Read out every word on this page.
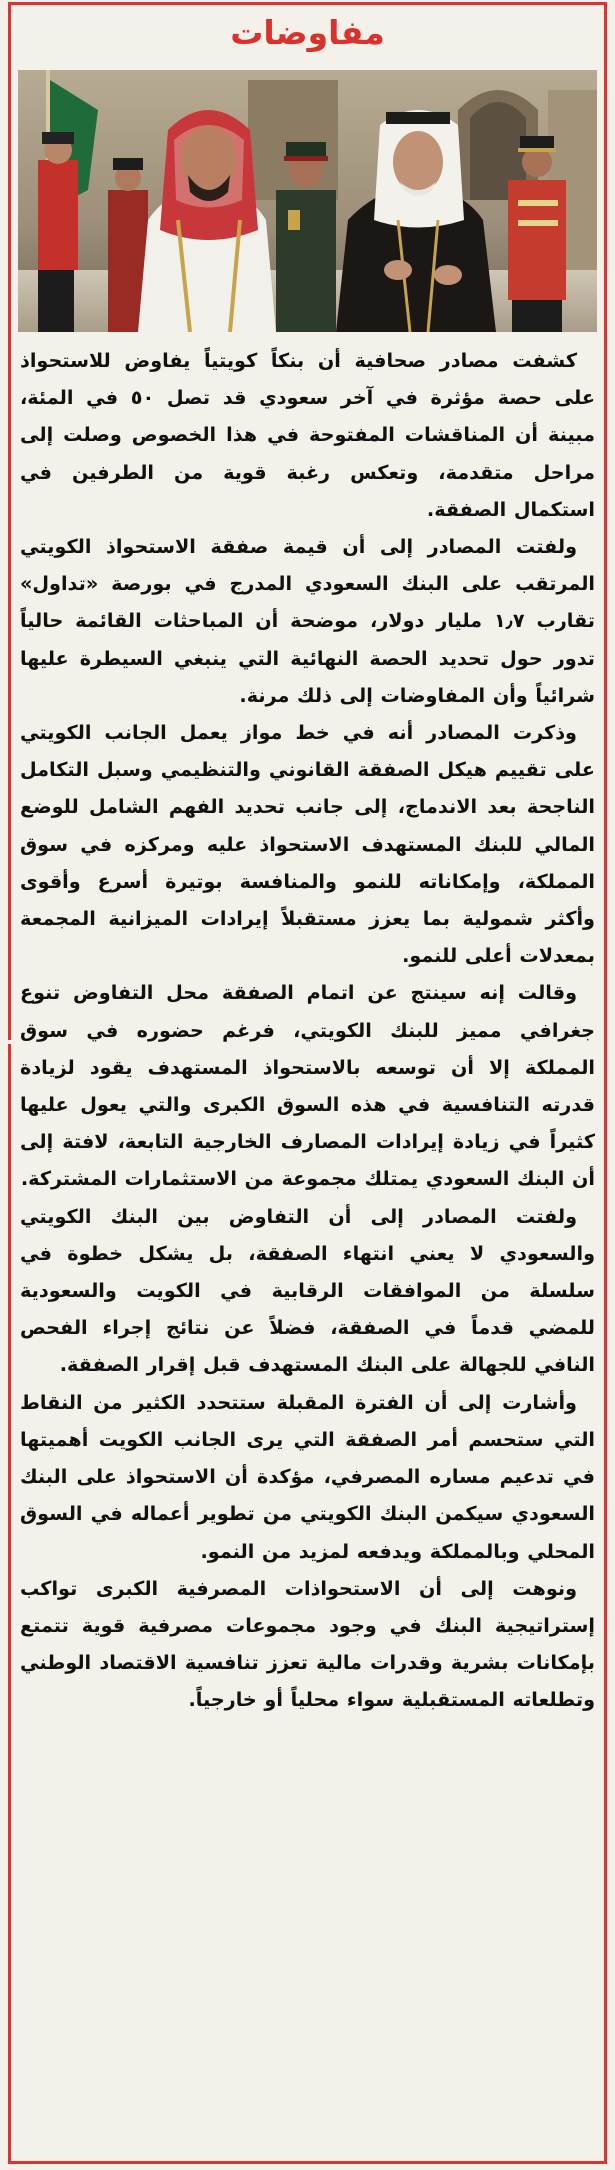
مفاوضات

كشفت مصادر صحافية أن بنكاً كويتياً يفاوض للاستحواذ على حصة مؤثرة في آخر سعودي قد تصل ٥٠ في المئة، مبينة أن المناقشات المفتوحة في هذا الخصوص وصلت إلى مراحل متقدمة، وتعكس رغبة قوية من الطرفين في استكمال الصفقة.

ولفتت المصادر إلى أن قيمة صفقة الاستحواذ الكويتي المرتقب على البنك السعودي المدرج في بورصة «تداول» تقارب ١٫٧ مليار دولار، موضحة أن المباحثات القائمة حالياً تدور حول تحديد الحصة النهائية التي ينبغي السيطرة عليها شرائياً وأن المفاوضات إلى ذلك مرنة.

وذكرت المصادر أنه في خط مواز يعمل الجانب الكويتي على تقييم هيكل الصفقة القانوني والتنظيمي وسبل التكامل الناجحة بعد الاندماج، إلى جانب تحديد الفهم الشامل للوضع المالي للبنك المستهدف الاستحواذ عليه ومركزه في سوق المملكة، وإمكاناته للنمو والمنافسة بوتيرة أسرع وأقوى وأكثر شمولية بما يعزز مستقبلاً إيرادات الميزانية المجمعة بمعدلات أعلى للنمو.

وقالت إنه سينتج عن اتمام الصفقة محل التفاوض تنوع جغرافي مميز للبنك الكويتي، فرغم حضوره في سوق المملكة إلا أن توسعه بالاستحواذ المستهدف يقود لزيادة قدرته التنافسية في هذه السوق الكبرى والتي يعول عليها كثيراً في زيادة إيرادات المصارف الخارجية التابعة، لافتة إلى أن البنك السعودي يمتلك مجموعة من الاستثمارات المشتركة.

ولفتت المصادر إلى أن التفاوض بين البنك الكويتي والسعودي لا يعني انتهاء الصفقة، بل يشكل خطوة في سلسلة من الموافقات الرقابية في الكويت والسعودية للمضي قدماً في الصفقة، فضلاً عن نتائج إجراء الفحص النافي للجهالة على البنك المستهدف قبل إقرار الصفقة.

وأشارت إلى أن الفترة المقبلة ستتحدد الكثير من النقاط التي ستحسم أمر الصفقة التي يرى الجانب الكويت أهميتها في تدعيم مساره المصرفي، مؤكدة أن الاستحواذ على البنك السعودي سيكمن البنك الكويتي من تطوير أعماله في السوق المحلي وبالمملكة ويدفعه لمزيد من النمو.

ونوهت إلى أن الاستحواذات المصرفية الكبرى تواكب إستراتيجية البنك في وجود مجموعات مصرفية قوية تتمتع بإمكانات بشرية وقدرات مالية تعزز تنافسية الاقتصاد الوطني وتطلعاته المستقبلية سواء محلياً أو خارجياً.
